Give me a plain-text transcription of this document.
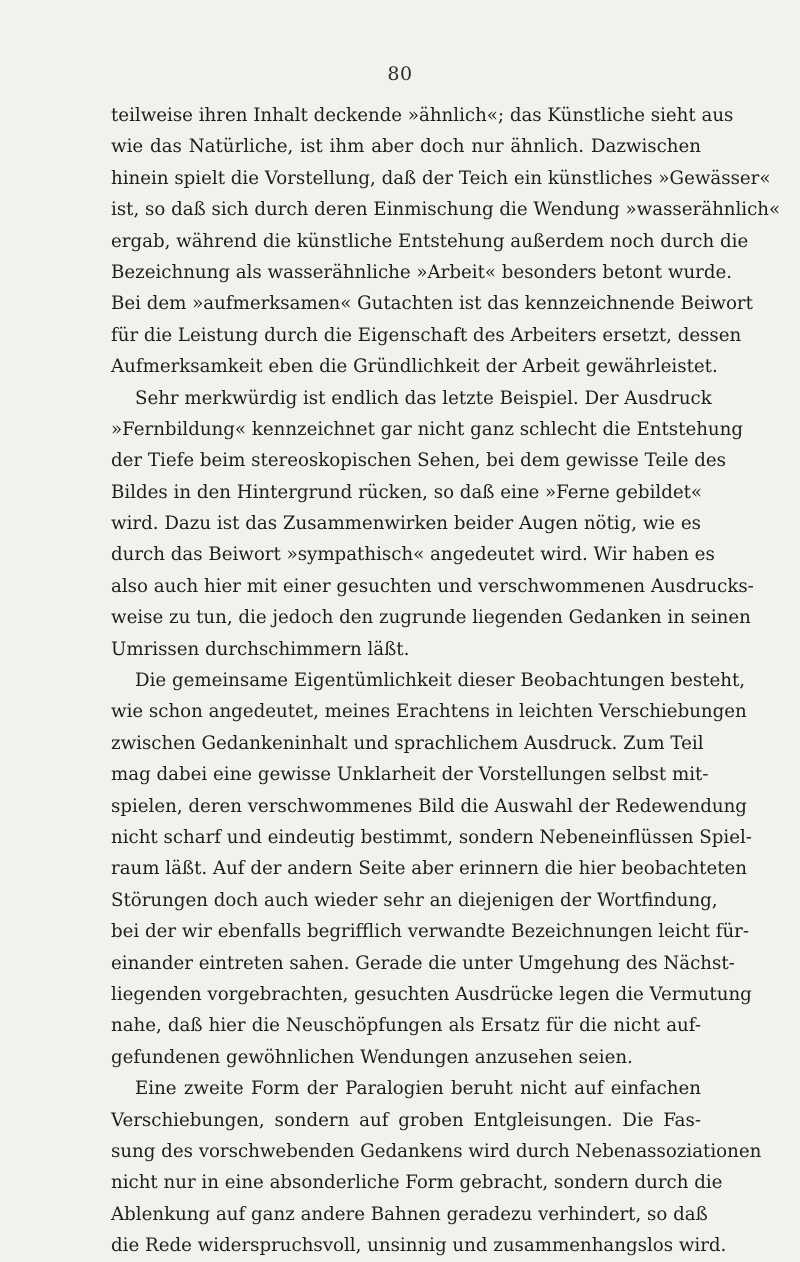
80
teilweise ihren Inhalt deckende »ähnlich«; das Künstliche sieht aus
wie das Natürliche, ist ihm aber doch nur ähnlich. Dazwischen
hinein spielt die Vorstellung, daß der Teich ein künstliches »Gewässer«
ist, so daß sich durch deren Einmischung die Wendung »wasserähnlich«
ergab, während die künstliche Entstehung außerdem noch durch die
Bezeichnung als wasserähnliche »Arbeit« besonders betont wurde.
Bei dem »aufmerksamen« Gutachten ist das kennzeichnende Beiwort
für die Leistung durch die Eigenschaft des Arbeiters ersetzt, dessen
Aufmerksamkeit eben die Gründlichkeit der Arbeit gewährleistet.
Sehr merkwürdig ist endlich das letzte Beispiel. Der Ausdruck
»Fernbildung« kennzeichnet gar nicht ganz schlecht die Entstehung
der Tiefe beim stereoskopischen Sehen, bei dem gewisse Teile des
Bildes in den Hintergrund rücken, so daß eine »Ferne gebildet«
wird. Dazu ist das Zusammenwirken beider Augen nötig, wie es
durch das Beiwort »sympathisch« angedeutet wird. Wir haben es
also auch hier mit einer gesuchten und verschwommenen Ausdrucks-
weise zu tun, die jedoch den zugrunde liegenden Gedanken in seinen
Umrissen durchschimmern läßt.
Die gemeinsame Eigentümlichkeit dieser Beobachtungen besteht,
wie schon angedeutet, meines Erachtens in leichten Verschiebungen
zwischen Gedankeninhalt und sprachlichem Ausdruck. Zum Teil
mag dabei eine gewisse Unklarheit der Vorstellungen selbst mit-
spielen, deren verschwommenes Bild die Auswahl der Redewendung
nicht scharf und eindeutig bestimmt, sondern Nebeneinflüssen Spiel-
raum läßt. Auf der andern Seite aber erinnern die hier beobachteten
Störungen doch auch wieder sehr an diejenigen der Wortfindung,
bei der wir ebenfalls begrifflich verwandte Bezeichnungen leicht für-
einander eintreten sahen. Gerade die unter Umgehung des Nächst-
liegenden vorgebrachten, gesuchten Ausdrücke legen die Vermutung
nahe, daß hier die Neuschöpfungen als Ersatz für die nicht auf-
gefundenen gewöhnlichen Wendungen anzusehen seien.
Eine zweite Form der Paralogien beruht nicht auf einfachen
Verschiebungen, sondern auf groben Entgleisungen. Die Fas-
sung des vorschwebenden Gedankens wird durch Nebenassoziationen
nicht nur in eine absonderliche Form gebracht, sondern durch die
Ablenkung auf ganz andere Bahnen geradezu verhindert, so daß
die Rede widerspruchsvoll, unsinnig und zusammenhangslos wird.
